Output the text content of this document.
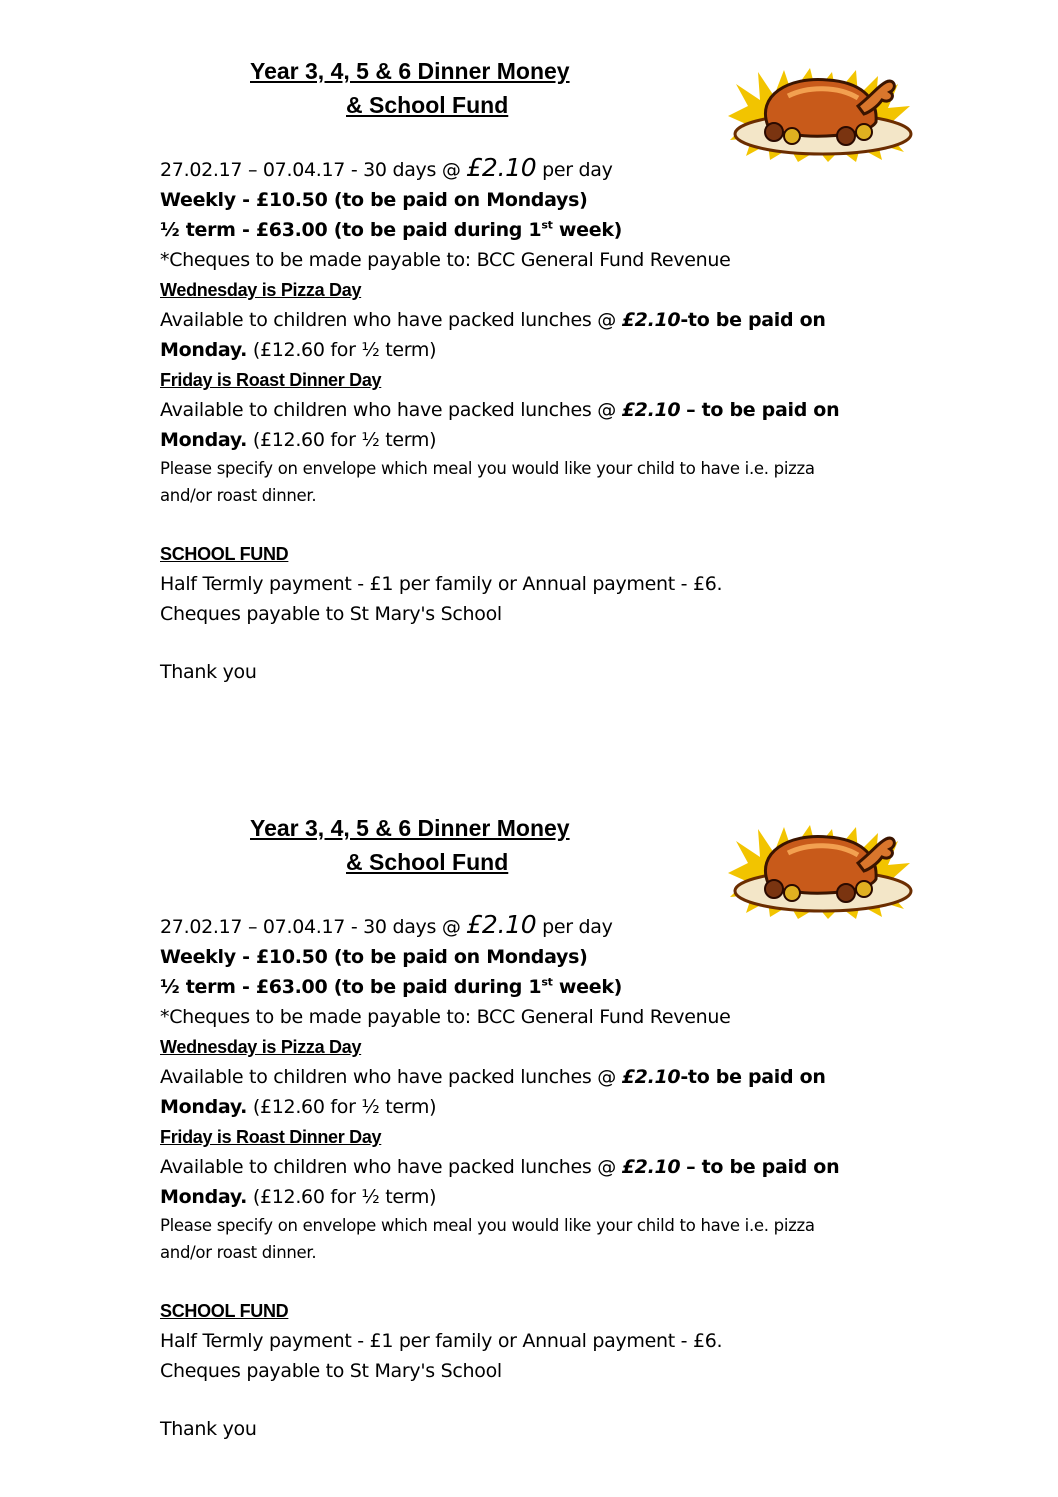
Year 3, 4, 5 & 6 Dinner Money
& School Fund
27.02.17 – 07.04.17 - 30 days @ £2.10 per day
Weekly - £10.50 (to be paid on Mondays)
½ term - £63.00 (to be paid during 1st week)
*Cheques to be made payable to: BCC General Fund Revenue
Wednesday is Pizza Day
Available to children who have packed lunches @ £2.10-to be paid on
Monday. (£12.60 for ½ term)
Friday is Roast Dinner Day
Available to children who have packed lunches @ £2.10 – to be paid on
Monday. (£12.60 for ½ term)
Please specify on envelope which meal you would like your child to have i.e. pizza
and/or roast dinner.
SCHOOL FUND
Half Termly payment - £1 per family or Annual payment - £6.
Cheques payable to St Mary's School
Thank you
Year 3, 4, 5 & 6 Dinner Money
& School Fund
27.02.17 – 07.04.17 - 30 days @ £2.10 per day
Weekly - £10.50 (to be paid on Mondays)
½ term - £63.00 (to be paid during 1st week)
*Cheques to be made payable to: BCC General Fund Revenue
Wednesday is Pizza Day
Available to children who have packed lunches @ £2.10-to be paid on
Monday. (£12.60 for ½ term)
Friday is Roast Dinner Day
Available to children who have packed lunches @ £2.10 – to be paid on
Monday. (£12.60 for ½ term)
Please specify on envelope which meal you would like your child to have i.e. pizza
and/or roast dinner.
SCHOOL FUND
Half Termly payment - £1 per family or Annual payment - £6.
Cheques payable to St Mary's School
Thank you
